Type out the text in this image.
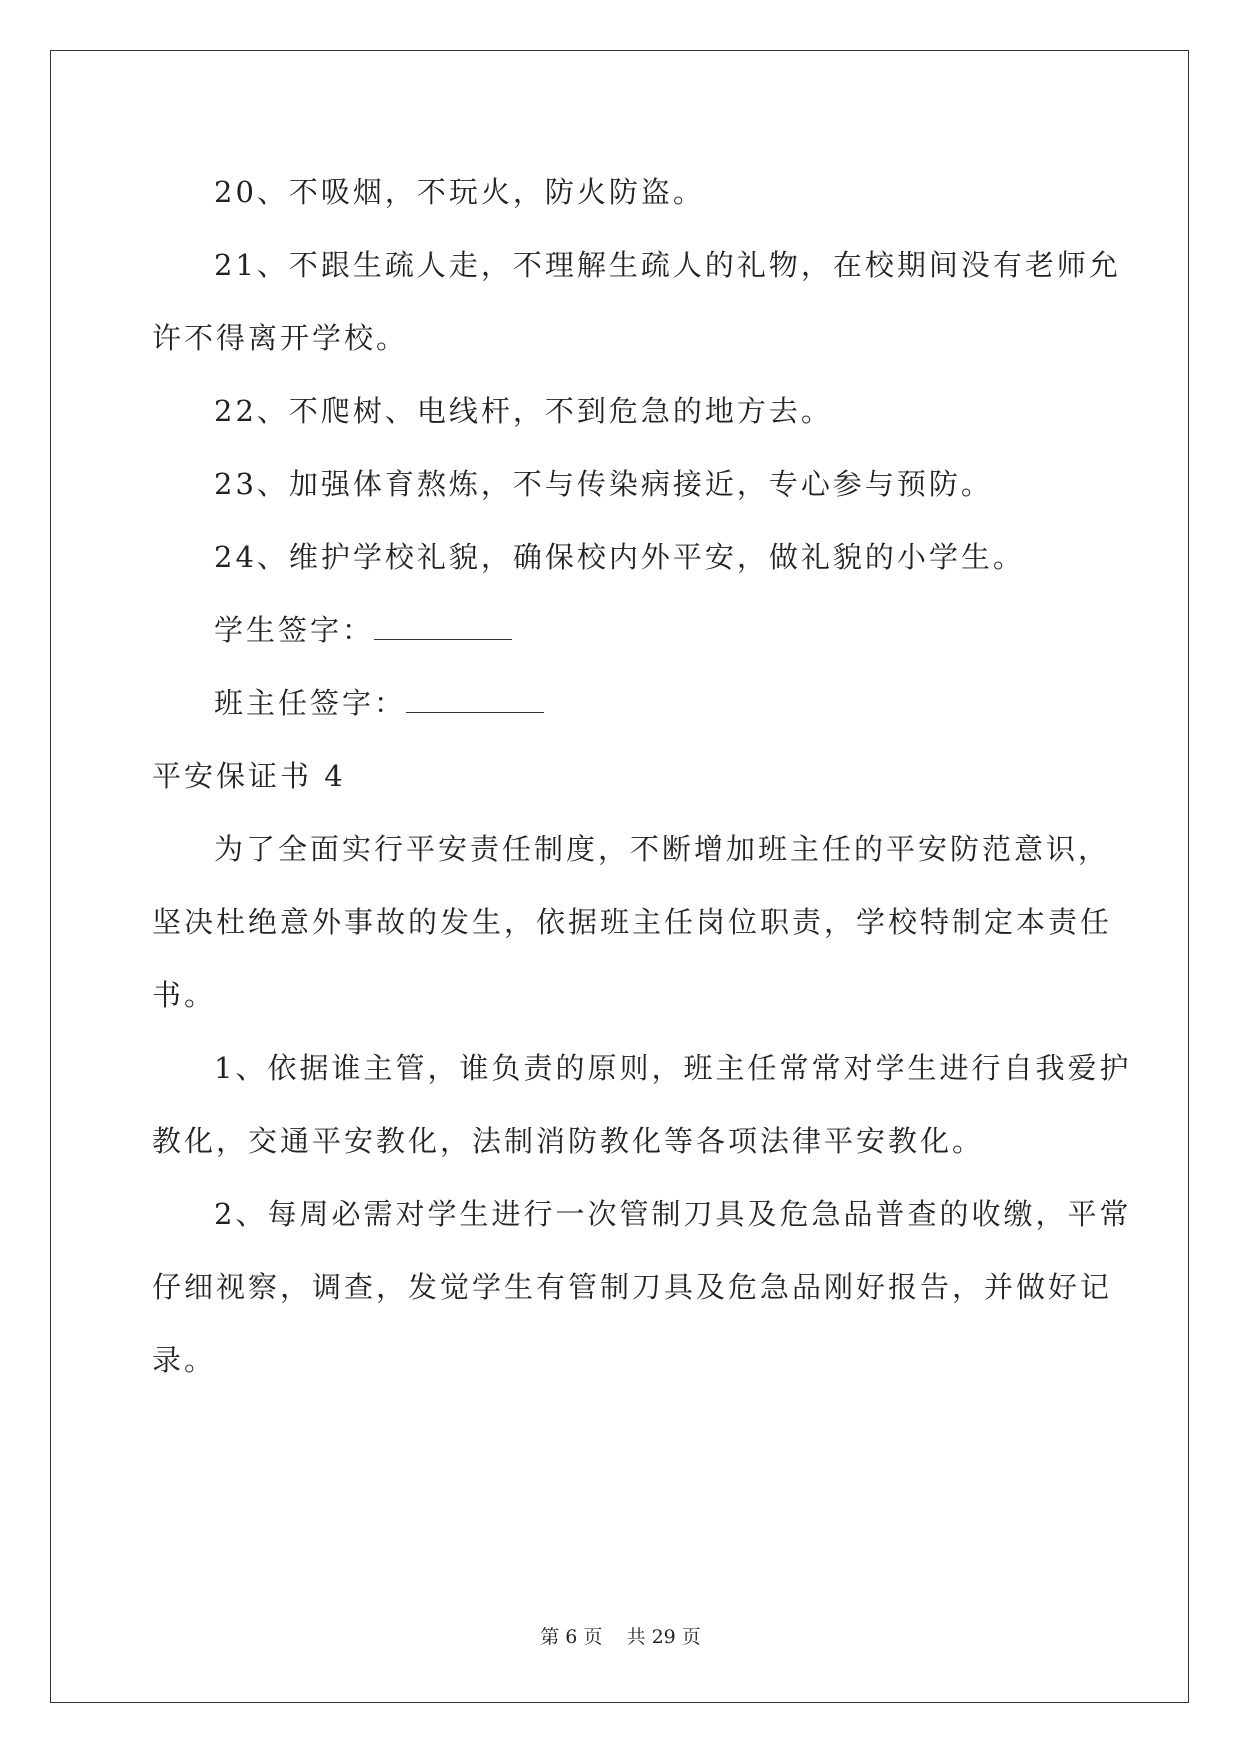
20、不吸烟，不玩火，防火防盗。
21、不跟生疏人走，不理解生疏人的礼物，在校期间没有老师允
许不得离开学校。
22、不爬树、电线杆，不到危急的地方去。
23、加强体育熬炼，不与传染病接近，专心参与预防。
24、维护学校礼貌，确保校内外平安，做礼貌的小学生。
学生签字：
班主任签字：
平安保证书 4
为了全面实行平安责任制度，不断增加班主任的平安防范意识，
坚决杜绝意外事故的发生，依据班主任岗位职责，学校特制定本责任
书。
1、依据谁主管，谁负责的原则，班主任常常对学生进行自我爱护
教化，交通平安教化，法制消防教化等各项法律平安教化。
2、每周必需对学生进行一次管制刀具及危急品普查的收缴，平常
仔细视察，调查，发觉学生有管制刀具及危急品刚好报告，并做好记
录。
第 6 页 共 29 页
